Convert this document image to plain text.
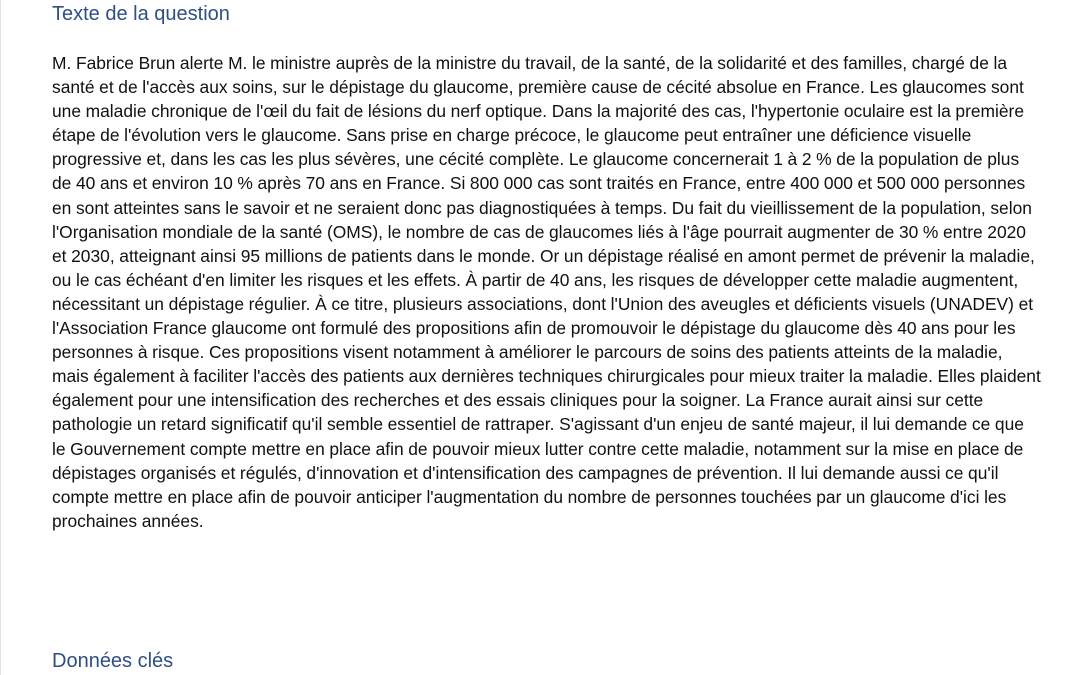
Texte de la question

M. Fabrice Brun alerte M. le ministre auprès de la ministre du travail, de la santé, de la solidarité et des familles, chargé de la santé et de l'accès aux soins, sur le dépistage du glaucome, première cause de cécité absolue en France. Les glaucomes sont une maladie chronique de l'œil du fait de lésions du nerf optique. Dans la majorité des cas, l'hypertonie oculaire est la première étape de l'évolution vers le glaucome. Sans prise en charge précoce, le glaucome peut entraîner une déficience visuelle progressive et, dans les cas les plus sévères, une cécité complète. Le glaucome concernerait 1 à 2 % de la population de plus de 40 ans et environ 10 % après 70 ans en France. Si 800 000 cas sont traités en France, entre 400 000 et 500 000 personnes en sont atteintes sans le savoir et ne seraient donc pas diagnostiquées à temps. Du fait du vieillissement de la population, selon l'Organisation mondiale de la santé (OMS), le nombre de cas de glaucomes liés à l'âge pourrait augmenter de 30 % entre 2020 et 2030, atteignant ainsi 95 millions de patients dans le monde. Or un dépistage réalisé en amont permet de prévenir la maladie, ou le cas échéant d'en limiter les risques et les effets. À partir de 40 ans, les risques de développer cette maladie augmentent, nécessitant un dépistage régulier. À ce titre, plusieurs associations, dont l'Union des aveugles et déficients visuels (UNADEV) et l'Association France glaucome ont formulé des propositions afin de promouvoir le dépistage du glaucome dès 40 ans pour les personnes à risque. Ces propositions visent notamment à améliorer le parcours de soins des patients atteints de la maladie, mais également à faciliter l'accès des patients aux dernières techniques chirurgicales pour mieux traiter la maladie. Elles plaident également pour une intensification des recherches et des essais cliniques pour la soigner. La France aurait ainsi sur cette pathologie un retard significatif qu'il semble essentiel de rattraper. S'agissant d'un enjeu de santé majeur, il lui demande ce que le Gouvernement compte mettre en place afin de pouvoir mieux lutter contre cette maladie, notamment sur la mise en place de dépistages organisés et régulés, d'innovation et d'intensification des campagnes de prévention. Il lui demande aussi ce qu'il compte mettre en place afin de pouvoir anticiper l'augmentation du nombre de personnes touchées par un glaucome d'ici les prochaines années.

Données clés
